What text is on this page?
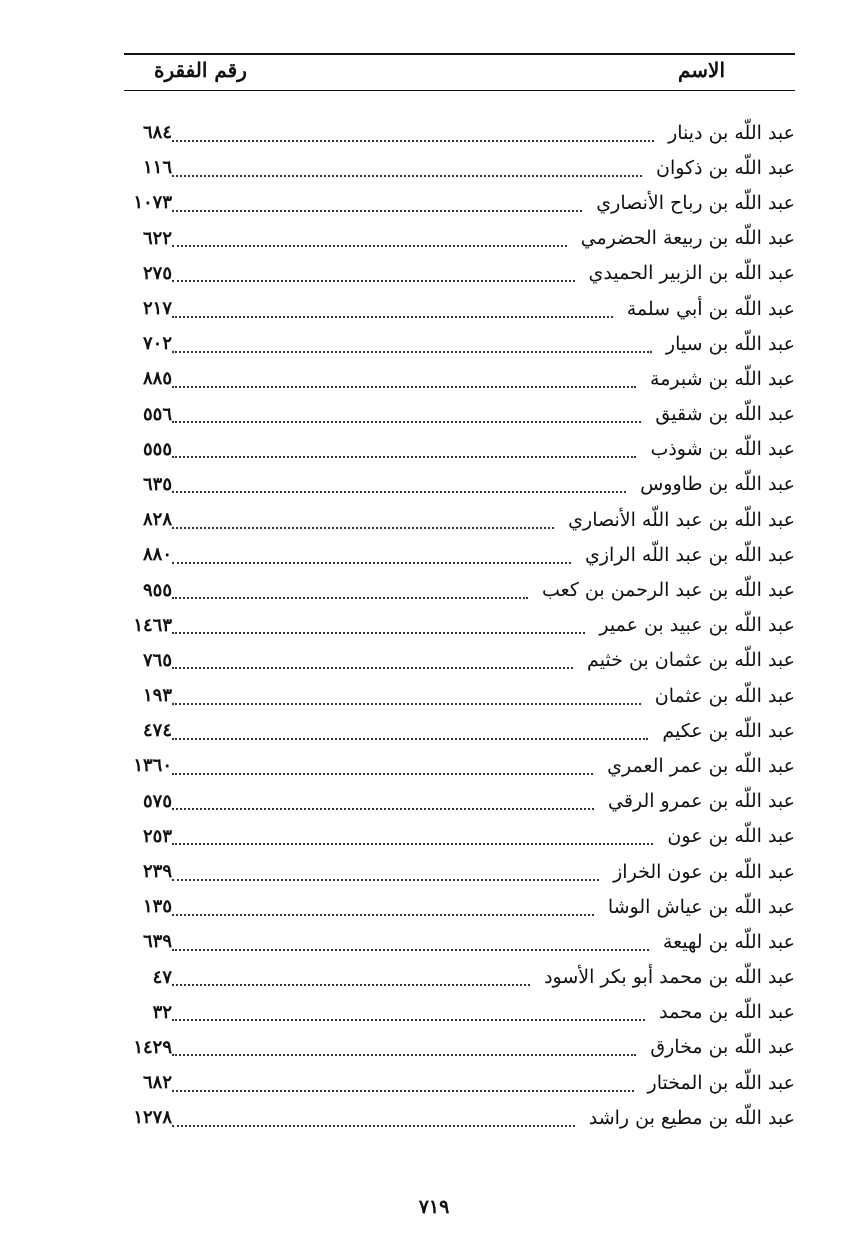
الاسم
رقم الفقرة
عبد اللّه بن دينار
٦٨٤
عبد اللّه بن ذكوان
١١٦
عبد اللّه بن رباح الأنصاري
١٠٧٣
عبد اللّه بن ربيعة الحضرمي
٦٢٢
عبد اللّه بن الزبير الحميدي
٢٧٥
عبد اللّه بن أبي سلمة
٢١٧
عبد اللّه بن سيار
٧٠٢
عبد اللّه بن شبرمة
٨٨٥
عبد اللّه بن شقيق
٥٥٦
عبد اللّه بن شوذب
٥٥٥
عبد اللّه بن طاووس
٦٣٥
عبد اللّه بن عبد اللّه الأنصاري
٨٢٨
عبد اللّه بن عبد اللّه الرازي
٨٨٠
عبد اللّه بن عبد الرحمن بن كعب
٩٥٥
عبد اللّه بن عبيد بن عمير
١٤٦٣
عبد اللّه بن عثمان بن خثيم
٧٦٥
عبد اللّه بن عثمان
١٩٣
عبد اللّه بن عكيم
٤٧٤
عبد اللّه بن عمر العمري
١٣٦٠
عبد اللّه بن عمرو الرقي
٥٧٥
عبد اللّه بن عون
٢٥٣
عبد اللّه بن عون الخراز
٢٣٩
عبد اللّه بن عياش الوشا
١٣٥
عبد اللّه بن لهيعة
٦٣٩
عبد اللّه بن محمد أبو بكر الأسود
٤٧
عبد اللّه بن محمد
٣٢
عبد اللّه بن مخارق
١٤٢٩
عبد اللّه بن المختار
٦٨٢
عبد اللّه بن مطيع بن راشد
١٢٧٨
٧١٩
